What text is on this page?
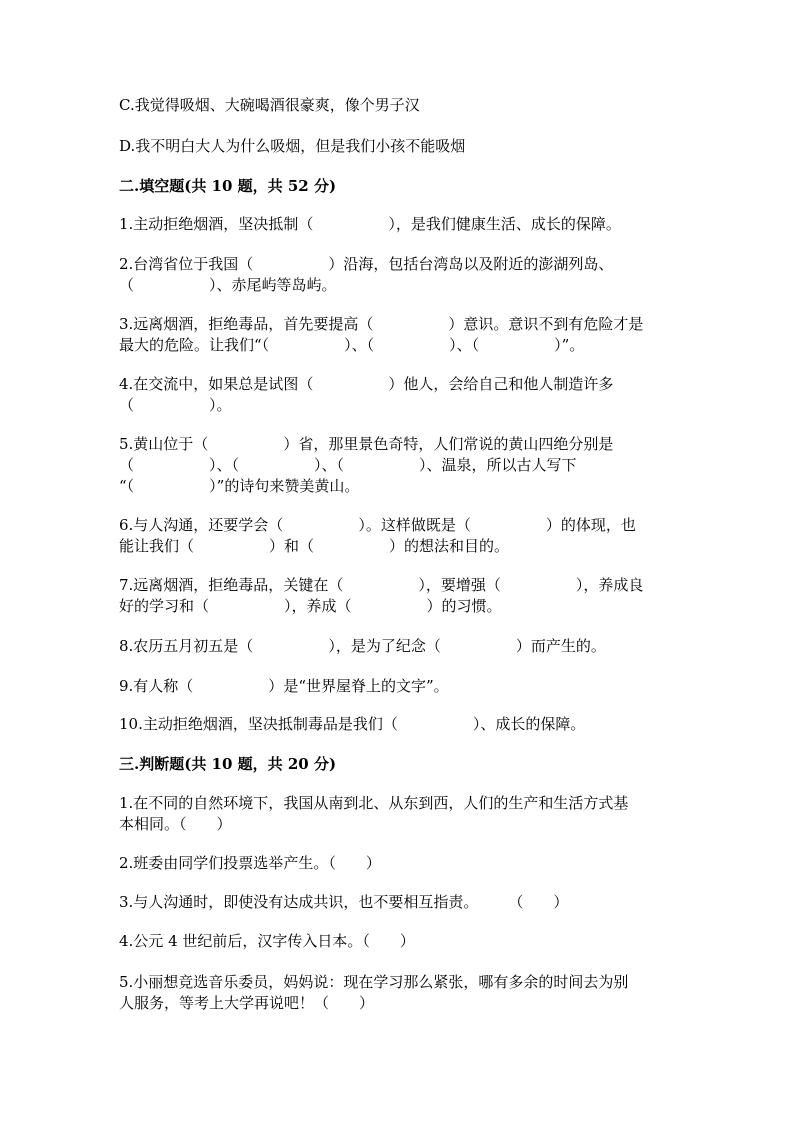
C.我觉得吸烟、大碗喝酒很豪爽，像个男子汉
D.我不明白大人为什么吸烟，但是我们小孩不能吸烟
二.填空题(共 10 题，共 52 分)
1.主动拒绝烟酒，坚决抵制（　　　　　），是我们健康生活、成长的保障。
2.台湾省位于我国（　　　　　）沿海，包括台湾岛以及附近的澎湖列岛、
（　　　　　）、赤尾屿等岛屿。
3.远离烟酒，拒绝毒品，首先要提高（　　　　　）意识。意识不到有危险才是
最大的危险。让我们“（　　　　　）、（　　　　　）、（　　　　　）”。
4.在交流中，如果总是试图（　　　　　）他人，会给自己和他人制造许多
（　　　　　）。
5.黄山位于（　　　　　）省，那里景色奇特，人们常说的黄山四绝分别是
（　　　　　）、（　　　　　）、（　　　　　）、温泉，所以古人写下
“（　　　　　）”的诗句来赞美黄山。
6.与人沟通，还要学会（　　　　　）。这样做既是（　　　　　）的体现，也
能让我们（　　　　　）和（　　　　　）的想法和目的。
7.远离烟酒，拒绝毒品，关键在（　　　　　），要增强（　　　　　），养成良
好的学习和（　　　　　），养成（　　　　　）的习惯。
8.农历五月初五是（　　　　　），是为了纪念（　　　　　）而产生的。
9.有人称（　　　　　）是“世界屋脊上的文字”。
10.主动拒绝烟酒，坚决抵制毒品是我们（　　　　　）、成长的保障。
三.判断题(共 10 题，共 20 分)
1.在不同的自然环境下，我国从南到北、从东到西，人们的生产和生活方式基
本相同。（　　）
2.班委由同学们投票选举产生。（　　）
3.与人沟通时，即使没有达成共识，也不要相互指责。　　　（　　）
4.公元 4 世纪前后，汉字传入日本。（　　）
5.小丽想竞选音乐委员，妈妈说：现在学习那么紧张，哪有多余的时间去为别
人服务，等考上大学再说吧！（　　）
